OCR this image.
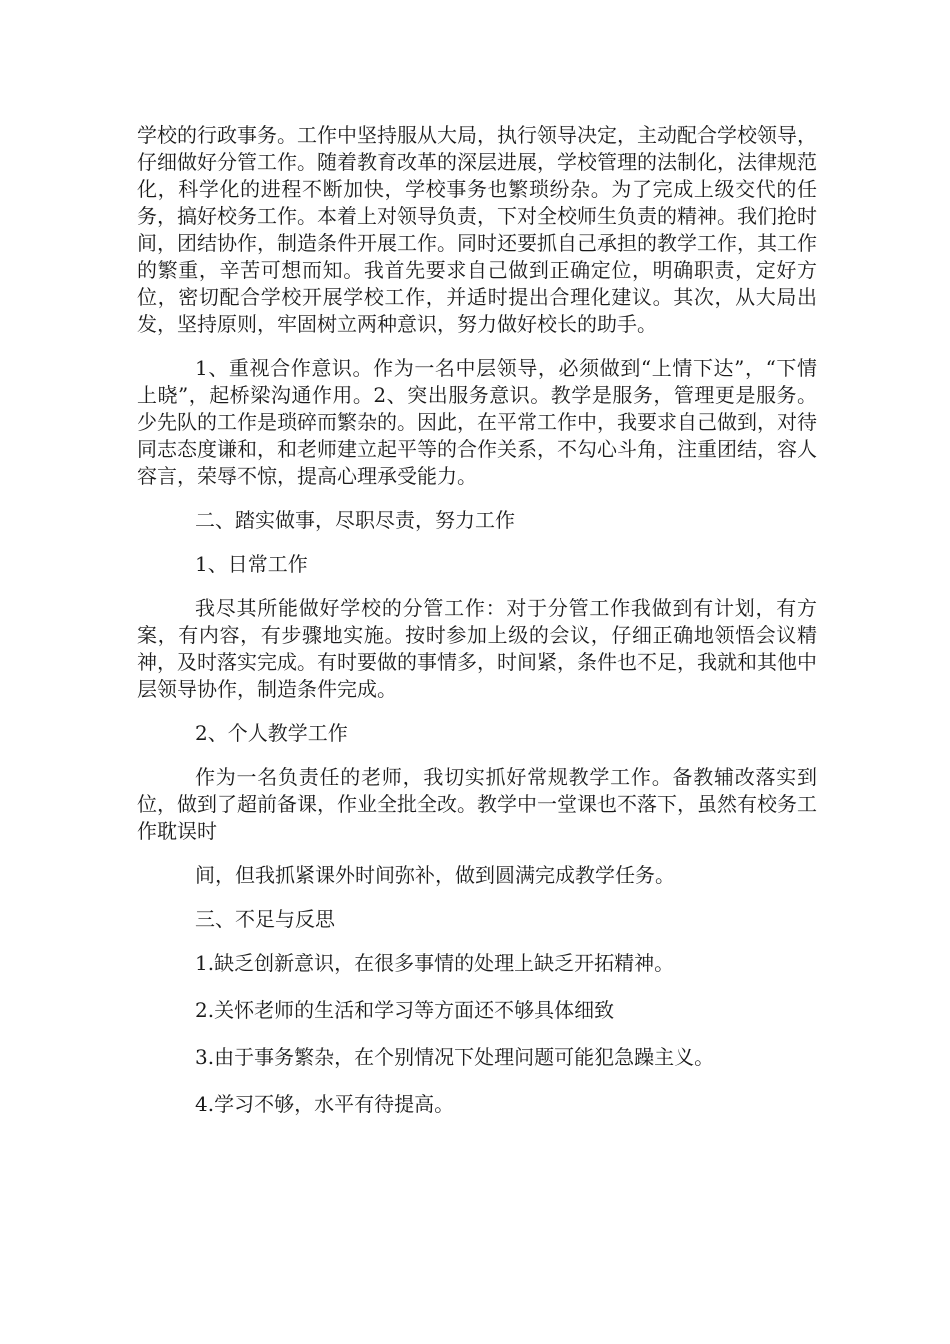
学校的行政事务。工作中坚持服从大局，执行领导决定，主动配合学校领导，仔细做好分管工作。随着教育改革的深层进展，学校管理的法制化，法律规范化，科学化的进程不断加快，学校事务也繁琐纷杂。为了完成上级交代的任务，搞好校务工作。本着上对领导负责，下对全校师生负责的精神。我们抢时间，团结协作，制造条件开展工作。同时还要抓自己承担的教学工作，其工作的繁重，辛苦可想而知。我首先要求自己做到正确定位，明确职责，定好方位，密切配合学校开展学校工作，并适时提出合理化建议。其次，从大局出发，坚持原则，牢固树立两种意识，努力做好校长的助手。

1、重视合作意识。作为一名中层领导，必须做到“上情下达”，“下情上晓”，起桥梁沟通作用。2、突出服务意识。教学是服务，管理更是服务。少先队的工作是琐碎而繁杂的。因此，在平常工作中，我要求自己做到，对待同志态度谦和，和老师建立起平等的合作关系，不勾心斗角，注重团结，容人容言，荣辱不惊，提高心理承受能力。

二、踏实做事，尽职尽责，努力工作

1、日常工作

我尽其所能做好学校的分管工作：对于分管工作我做到有计划，有方案，有内容，有步骤地实施。按时参加上级的会议，仔细正确地领悟会议精神，及时落实完成。有时要做的事情多，时间紧，条件也不足，我就和其他中层领导协作，制造条件完成。

2、个人教学工作

作为一名负责任的老师，我切实抓好常规教学工作。备教辅改落实到位，做到了超前备课，作业全批全改。教学中一堂课也不落下，虽然有校务工作耽误时

间，但我抓紧课外时间弥补，做到圆满完成教学任务。

三、不足与反思

1.缺乏创新意识，在很多事情的处理上缺乏开拓精神。

2.关怀老师的生活和学习等方面还不够具体细致

3.由于事务繁杂，在个别情况下处理问题可能犯急躁主义。

4.学习不够，水平有待提高。
